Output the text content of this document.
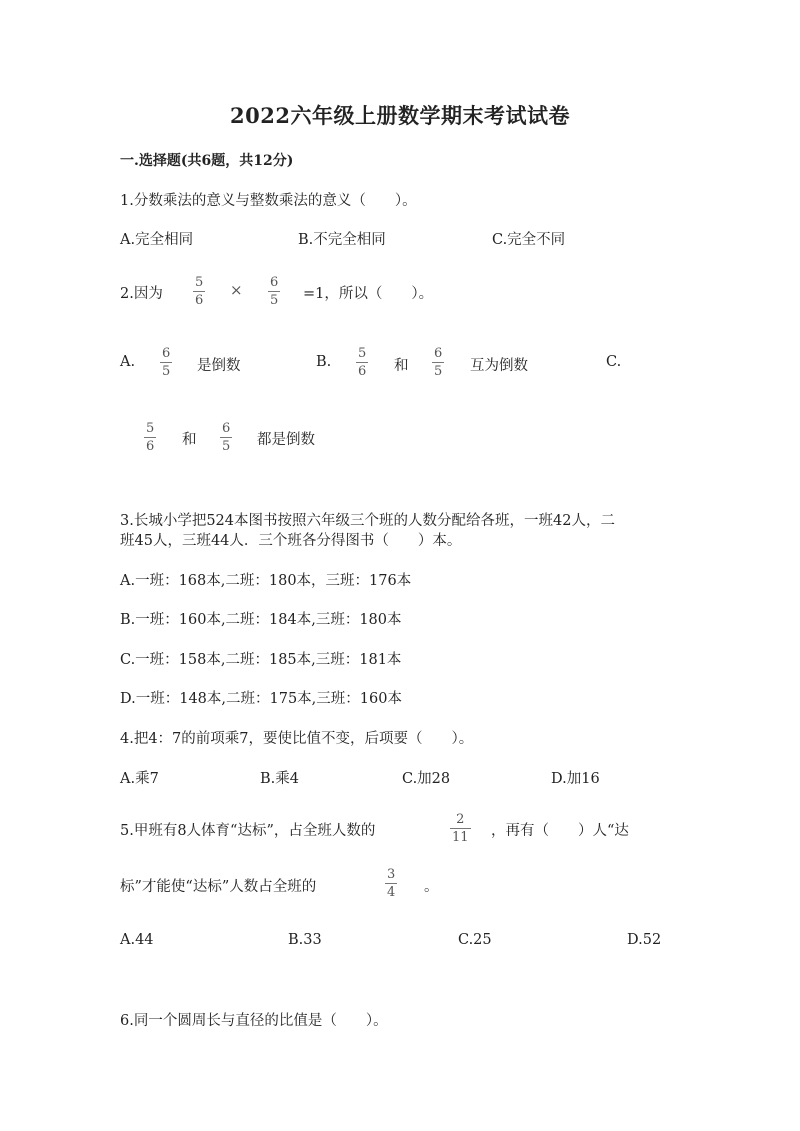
2022六年级上册数学期末考试试卷
一.选择题(共6题，共12分)
1.分数乘法的意义与整数乘法的意义（　　）。
A.完全相同	B.不完全相同	C.完全不同
2.因为
5
6
× 6
5 =1，所以（　　）。
A.
6
5 是倒数	B.
5
6 和
6
5 互为倒数	C.
5
6 和
6
5 都是倒数
3.长城小学把524本图书按照六年级三个班的人数分配给各班，一班42人，二
班45人，三班44人．三个班各分得图书（　　）本。
A.一班：168本,二班：180本，三班：176本
B.一班：160本,二班：184本,三班：180本
C.一班：158本,二班：185本,三班：181本
D.一班：148本,二班：175本,三班：160本
4.把4：7的前项乘7，要使比值不变，后项要（　　）。
A.乘7	B.乘4	C.加28	D.加16
5.甲班有8人体育“达标”，占全班人数的
2
11 ，再有（　　）人“达
标”才能使“达标”人数占全班的
3
4 。
A.44	B.33	C.25	D.52
6.同一个圆周长与直径的比值是（　　）。
